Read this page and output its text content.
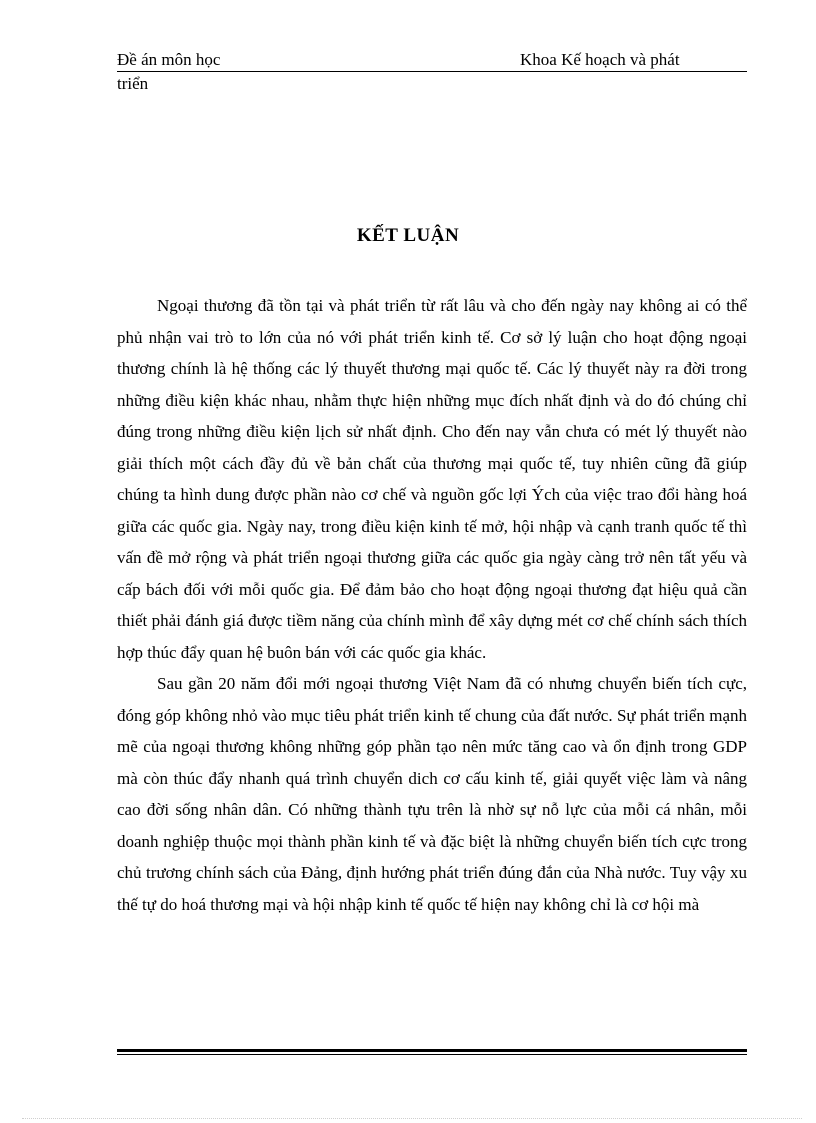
Đề án môn học	Khoa Kế hoạch và phát
triển
KẾT LUẬN

Ngoại thương đã tồn tại và phát triển từ rất lâu và cho đến ngày nay không ai có thể phủ nhận vai trò to lớn của nó với phát triển kinh tế. Cơ sở lý luận cho hoạt động ngoại thương chính là hệ thống các lý thuyết thương mại quốc tế. Các lý thuyết này ra đời trong những điều kiện khác nhau, nhằm thực hiện những mục đích nhất định và do đó chúng chỉ đúng trong những điều kiện lịch sử nhất định. Cho đến nay vẫn chưa có mét lý thuyết nào giải thích một cách đầy đủ về bản chất của thương mại quốc tế, tuy nhiên cũng đã giúp chúng ta hình dung được phần nào cơ chế và nguồn gốc lợi Ých của việc trao đổi hàng hoá giữa các quốc gia. Ngày nay, trong điều kiện kinh tế mở, hội nhập và cạnh tranh quốc tế thì vấn đề mở rộng và phát triển ngoại thương giữa các quốc gia ngày càng trở nên tất yếu và cấp bách đối với mỗi quốc gia. Để đảm bảo cho hoạt động ngoại thương đạt hiệu quả cần thiết phải đánh giá được tiềm năng của chính mình để xây dựng mét cơ chế chính sách thích hợp thúc đẩy quan hệ buôn bán với các quốc gia khác.

Sau gần 20 năm đổi mới ngoại thương Việt Nam đã có nhưng chuyển biến tích cực, đóng góp không nhỏ vào mục tiêu phát triển kinh tế chung của đất nước. Sự phát triển mạnh mẽ của ngoại thương không những góp phần tạo nên mức tăng cao và ổn định trong GDP mà còn thúc đẩy nhanh quá trình chuyển dich cơ cấu kinh tế, giải quyết việc làm và nâng cao đời sống nhân dân. Có những thành tựu trên là nhờ sự nỗ lực của mỗi cá nhân, mỗi doanh nghiệp thuộc mọi thành phần kinh tế và đặc biệt là những chuyển biến tích cực trong chủ trương chính sách của Đảng, định hướng phát triển đúng đắn của Nhà nước. Tuy vậy xu thế tự do hoá thương mại và hội nhập kinh tế quốc tế hiện nay không chỉ là cơ hội mà
